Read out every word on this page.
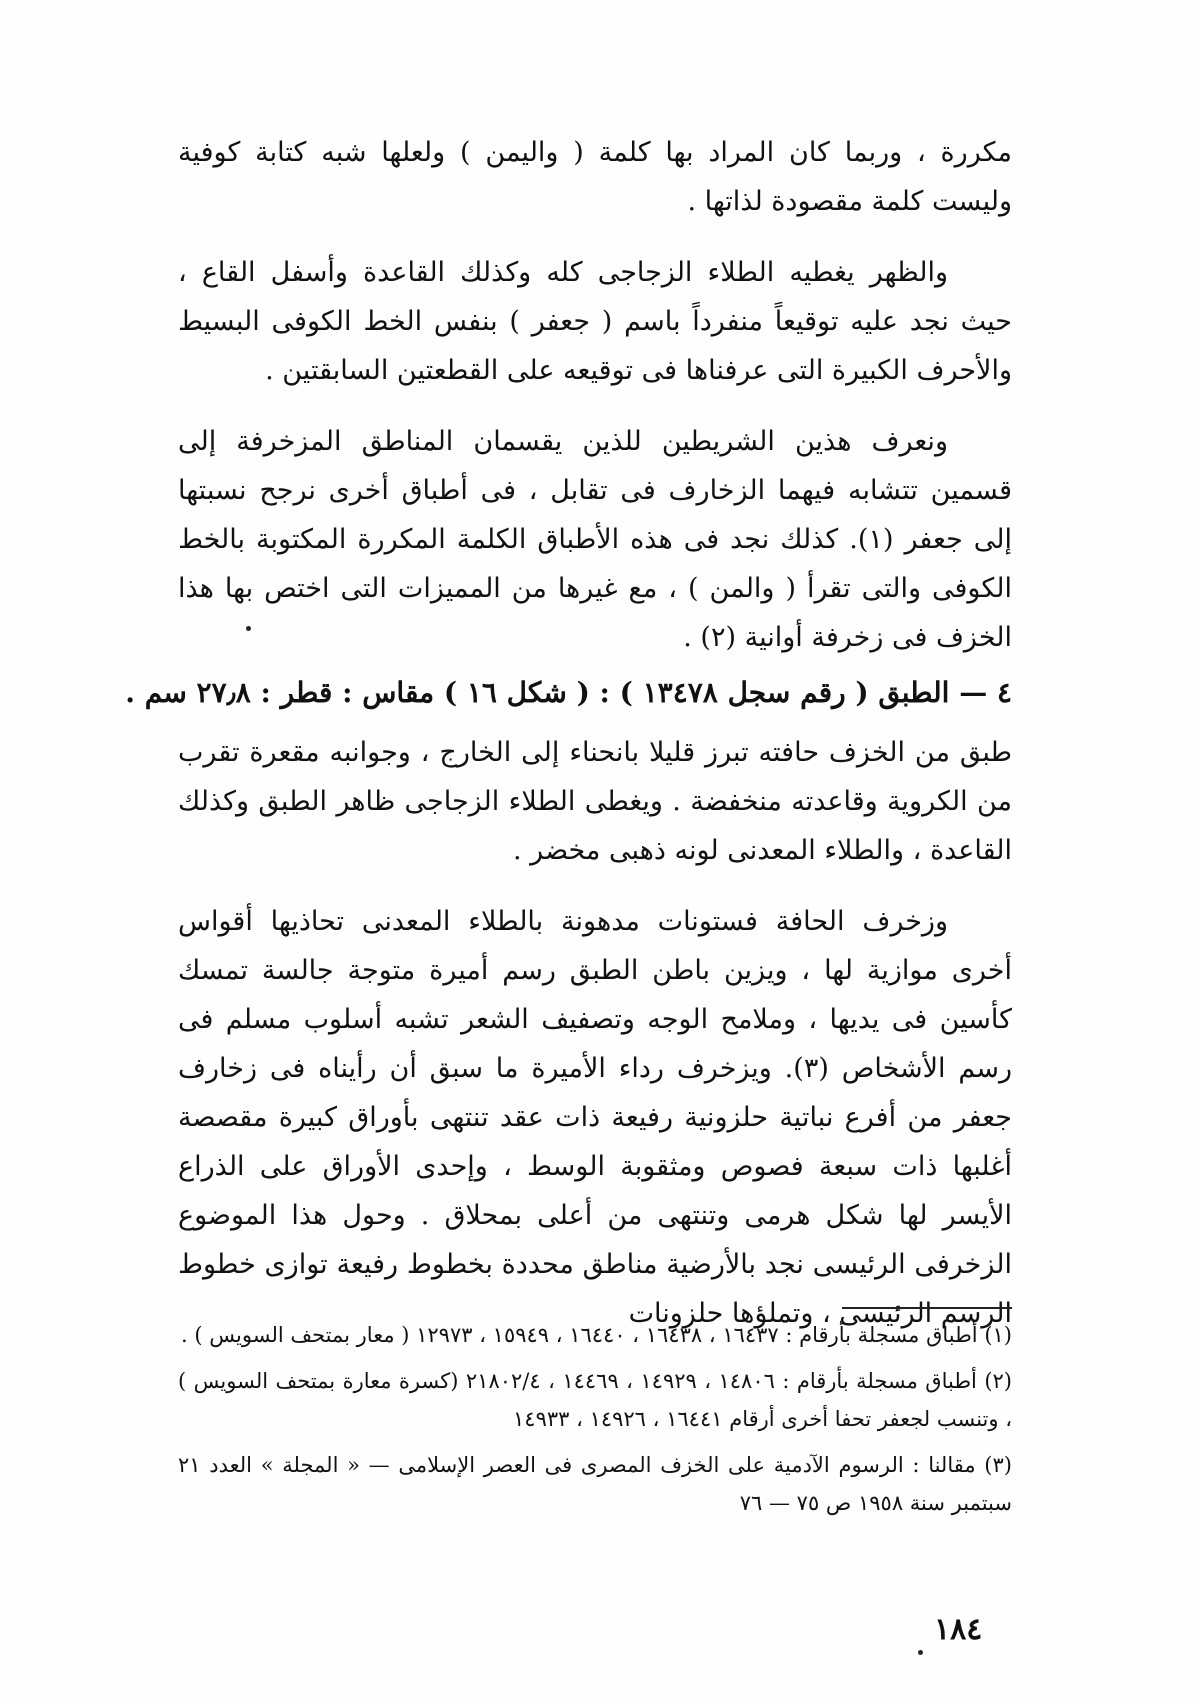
مكررة ، وربما كان المراد بها كلمة ( واليمن ) ولعلها شبه كتابة كوفية وليست كلمة مقصودة لذاتها .

والظهر يغطيه الطلاء الزجاجى كله وكذلك القاعدة وأسفل القاع ، حيث نجد عليه توقيعاً منفرداً باسم ( جعفر ) بنفس الخط الكوفى البسيط والأحرف الكبيرة التى عرفناها فى توقيعه على القطعتين السابقتين .

ونعرف هذين الشريطين للذين يقسمان المناطق المزخرفة إلى قسمين تتشابه فيهما الزخارف فى تقابل ، فى أطباق أخرى نرجح نسبتها إلى جعفر (١). كذلك نجد فى هذه الأطباق الكلمة المكررة المكتوبة بالخط الكوفى والتى تقرأ ( والمن ) ، مع غيرها من المميزات التى اختص بها هذا الخزف فى زخرفة أوانية (٢) .

٤ — الطبق ( رقم سجل ١٣٤٧٨ ) : ( شكل ١٦ ) مقاس : قطر : ٢٧٫٨ سم .

طبق من الخزف حافته تبرز قليلا بانحناء إلى الخارج ، وجوانبه مقعرة تقرب من الكروية وقاعدته منخفضة . ويغطى الطلاء الزجاجى ظاهر الطبق وكذلك القاعدة ، والطلاء المعدنى لونه ذهبى مخضر .

وزخرف الحافة فستونات مدهونة بالطلاء المعدنى تحاذيها أقواس أخرى موازية لها ، ويزين باطن الطبق رسم أميرة متوجة جالسة تمسك كأسين فى يديها ، وملامح الوجه وتصفيف الشعر تشبه أسلوب مسلم فى رسم الأشخاص (٣). ويزخرف رداء الأميرة ما سبق أن رأيناه فى زخارف جعفر من أفرع نباتية حلزونية رفيعة ذات عقد تنتهى بأوراق كبيرة مقصصة أغلبها ذات سبعة فصوص ومثقوبة الوسط ، وإحدى الأوراق على الذراع الأيسر لها شكل هرمى وتنتهى من أعلى بمحلاق . وحول هذا الموضوع الزخرفى الرئيسى نجد بالأرضية مناطق محددة بخطوط رفيعة توازى خطوط الرسم الرئيسى ، وتملؤها حلزونات

(١) أطباق مسجلة بأرقام : ١٦٤٣٧ ، ١٦٤٣٨ ، ١٦٤٤٠ ، ١٥٩٤٩ ، ١٢٩٧٣ ( معار بمتحف السويس ) .

(٢) أطباق مسجلة بأرقام : ١٤٨٠٦ ، ١٤٩٢٩ ، ١٤٤٦٩ ، ٢١٨٠٢/٤ (كسرة معارة بمتحف السويس ) ، وتنسب لجعفر تحفا أخرى أرقام ١٦٤٤١ ، ١٤٩٢٦ ، ١٤٩٣٣

(٣) مقالنا : الرسوم الآدمية على الخزف المصرى فى العصر الإسلامى — « المجلة » العدد ٢١ سبتمبر سنة ١٩٥٨ ص ٧٥ — ٧٦

١٨٤
